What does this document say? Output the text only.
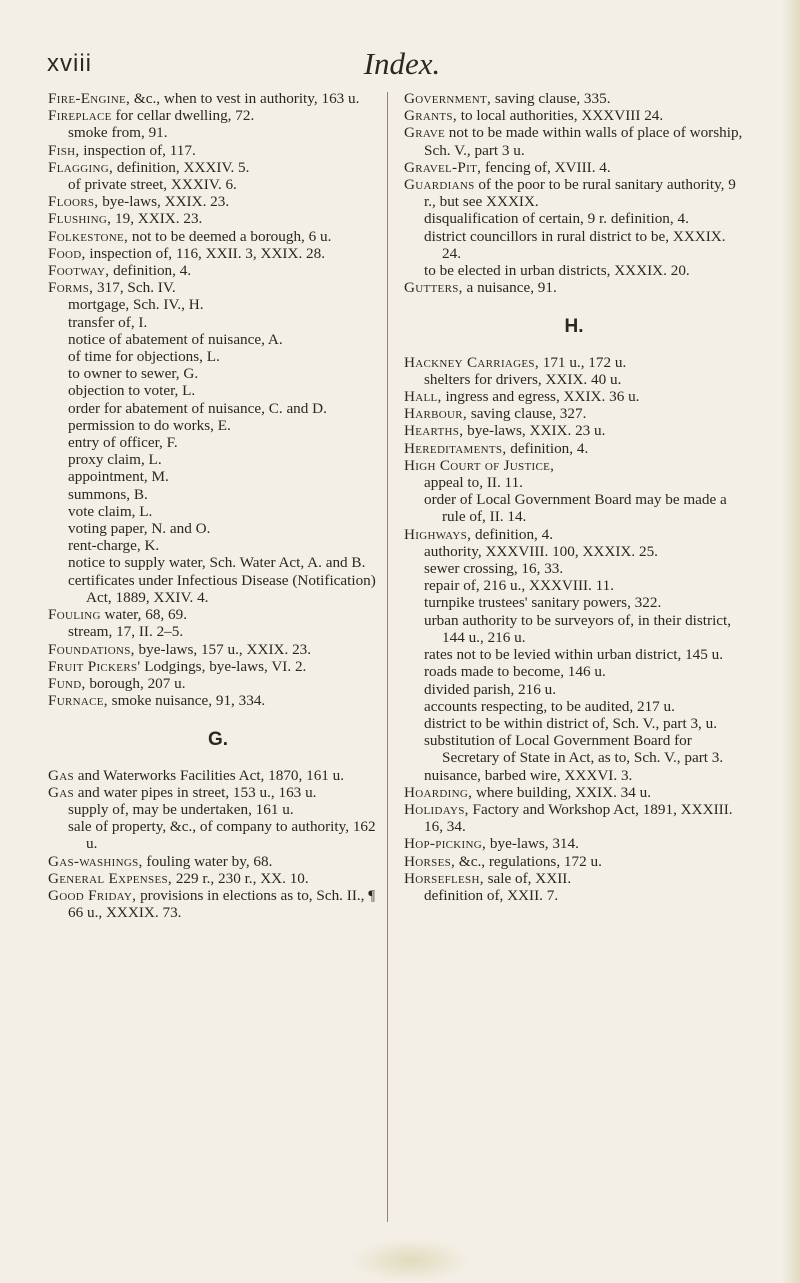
xviii	Index.
Fire-Engine, &c., when to vest in authority, 163 u.
Fireplace for cellar dwelling, 72.
smoke from, 91.
Fish, inspection of, 117.
Flagging, definition, XXXIV. 5.
of private street, XXXIV. 6.
Floors, bye-laws, XXIX. 23.
Flushing, 19, XXIX. 23.
Folkestone, not to be deemed a borough, 6 u.
Food, inspection of, 116, XXII. 3, XXIX. 28.
Footway, definition, 4.
Forms, 317, Sch. IV.
mortgage, Sch. IV., H.
transfer of, I.
notice of abatement of nuisance, A.
of time for objections, L.
to owner to sewer, G.
objection to voter, L.
order for abatement of nuisance, C. and D.
permission to do works, E.
entry of officer, F.
proxy claim, L.
appointment, M.
summons, B.
vote claim, L.
voting paper, N. and O.
rent-charge, K.
notice to supply water, Sch. Water Act, A. and B.
certificates under Infectious Disease (Notification) Act, 1889, XXIV. 4.
Fouling water, 68, 69.
stream, 17, II. 2–5.
Foundations, bye-laws, 157 u., XXIX. 23.
Fruit Pickers' Lodgings, bye-laws, VI. 2.
Fund, borough, 207 u.
Furnace, smoke nuisance, 91, 334.
G.
Gas and Waterworks Facilities Act, 1870, 161 u.
Gas and water pipes in street, 153 u., 163 u.
supply of, may be undertaken, 161 u.
sale of property, &c., of company to authority, 162 u.
Gas-washings, fouling water by, 68.
General Expenses, 229 r., 230 r., XX. 10.
Good Friday, provisions in elections as to, Sch. II., ¶ 66 u., XXXIX. 73.
Government, saving clause, 335.
Grants, to local authorities, XXXVIII 24.
Grave not to be made within walls of place of worship, Sch. V., part 3 u.
Gravel-Pit, fencing of, XVIII. 4.
Guardians of the poor to be rural sanitary authority, 9 r., but see XXXIX.
disqualification of certain, 9 r. definition, 4.
district councillors in rural district to be, XXXIX. 24.
to be elected in urban districts, XXXIX. 20.
Gutters, a nuisance, 91.
H.
Hackney Carriages, 171 u., 172 u.
shelters for drivers, XXIX. 40 u.
Hall, ingress and egress, XXIX. 36 u.
Harbour, saving clause, 327.
Hearths, bye-laws, XXIX. 23 u.
Hereditaments, definition, 4.
High Court of Justice,
appeal to, II. 11.
order of Local Government Board may be made a rule of, II. 14.
Highways, definition, 4.
authority, XXXVIII. 100, XXXIX. 25.
sewer crossing, 16, 33.
repair of, 216 u., XXXVIII. 11.
turnpike trustees' sanitary powers, 322.
urban authority to be surveyors of, in their district, 144 u., 216 u.
rates not to be levied within urban district, 145 u.
roads made to become, 146 u.
divided parish, 216 u.
accounts respecting, to be audited, 217 u.
district to be within district of, Sch. V., part 3, u.
substitution of Local Government Board for Secretary of State in Act, as to, Sch. V., part 3.
nuisance, barbed wire, XXXVI. 3.
Hoarding, where building, XXIX. 34 u.
Holidays, Factory and Workshop Act, 1891, XXXIII. 16, 34.
Hop-picking, bye-laws, 314.
Horses, &c., regulations, 172 u.
Horseflesh, sale of, XXII.
definition of, XXII. 7.
